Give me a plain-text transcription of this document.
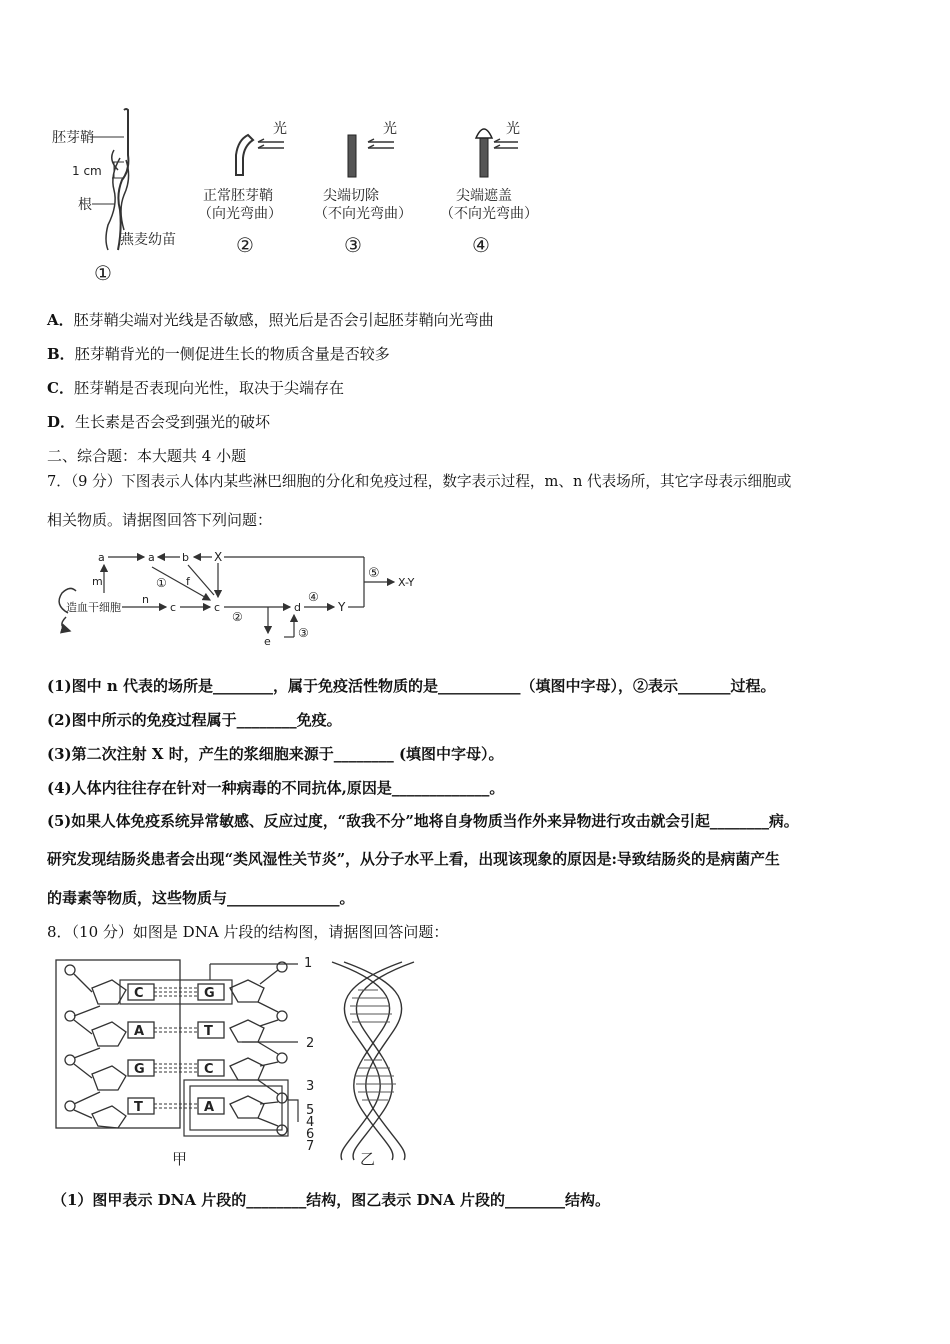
胚芽鞘
1 cm
根
燕麦幼苗
①
光
正常胚芽鞘
（向光弯曲）
②
光
尖端切除
（不向光弯曲）
③
光
尖端遮盖
（不向光弯曲）
④
A．胚芽鞘尖端对光线是否敏感，照光后是否会引起胚芽鞘向光弯曲
B．胚芽鞘背光的一侧促进生长的物质含量是否较多
C．胚芽鞘是否表现向光性，取决于尖端存在
D．生长素是否会受到强光的破坏
二、综合题：本大题共 4 小题
7．（9 分）下图表示人体内某些淋巴细胞的分化和免疫过程，数字表示过程，m、n 代表场所，其它字母表示细胞或
相关物质。请据图回答下列问题：
造血干细胞
a	a b X
⑤
X-Y
m	① f
n
c	c
②
d
④
Y
e
③
(1)图中 n 代表的场所是________，属于免疫活性物质的是___________（填图中字母），②表示_______过程。
(2)图中所示的免疫过程属于________免疫。
(3)第二次注射 X 时，产生的浆细胞来源于________ (填图中字母）。
(4)人体内往往存在针对一种病毒的不同抗体,原因是_____________。
(5)如果人体免疫系统异常敏感、反应过度，“敌我不分”地将自身物质当作外来异物进行攻击就会引起________病。
研究发现结肠炎患者会出现“类风湿性关节炎”，从分子水平上看，出现该现象的原因是:导致结肠炎的是病菌产生
的毒素等物质，这些物质与_______________。
8．（10 分）如图是 DNA 片段的结构图，请据图回答问题：
C
A
G
T
G
T
C
A
1
2
3
5
4
6
7
甲	乙
（1）图甲表示 DNA 片段的________结构，图乙表示 DNA 片段的________结构。
